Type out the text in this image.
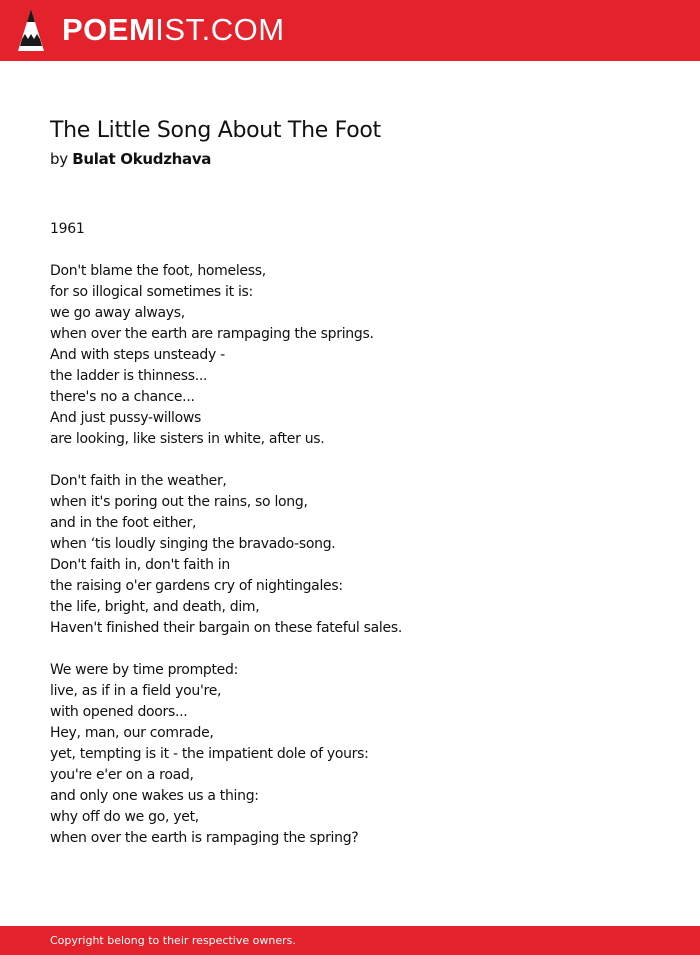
POEMIST.COM
The Little Song About The Foot
by Bulat Okudzhava
1961
Don't blame the foot, homeless,
for so illogical sometimes it is:
we go away always,
when over the earth are rampaging the springs.
And with steps unsteady -
the ladder is thinness...
there's no a chance...
And just pussy-willows
are looking, like sisters in white, after us.
Don't faith in the weather,
when it's poring out the rains, so long,
and in the foot either,
when ‘tis loudly singing the bravado-song.
Don't faith in, don't faith in
the raising o'er gardens cry of nightingales:
the life, bright, and death, dim,
Haven't finished their bargain on these fateful sales.
We were by time prompted:
live, as if in a field you're,
with opened doors...
Hey, man, our comrade,
yet, tempting is it - the impatient dole of yours:
you're e'er on a road,
and only one wakes us a thing:
why off do we go, yet,
when over the earth is rampaging the spring?
Copyright belong to their respective owners.
